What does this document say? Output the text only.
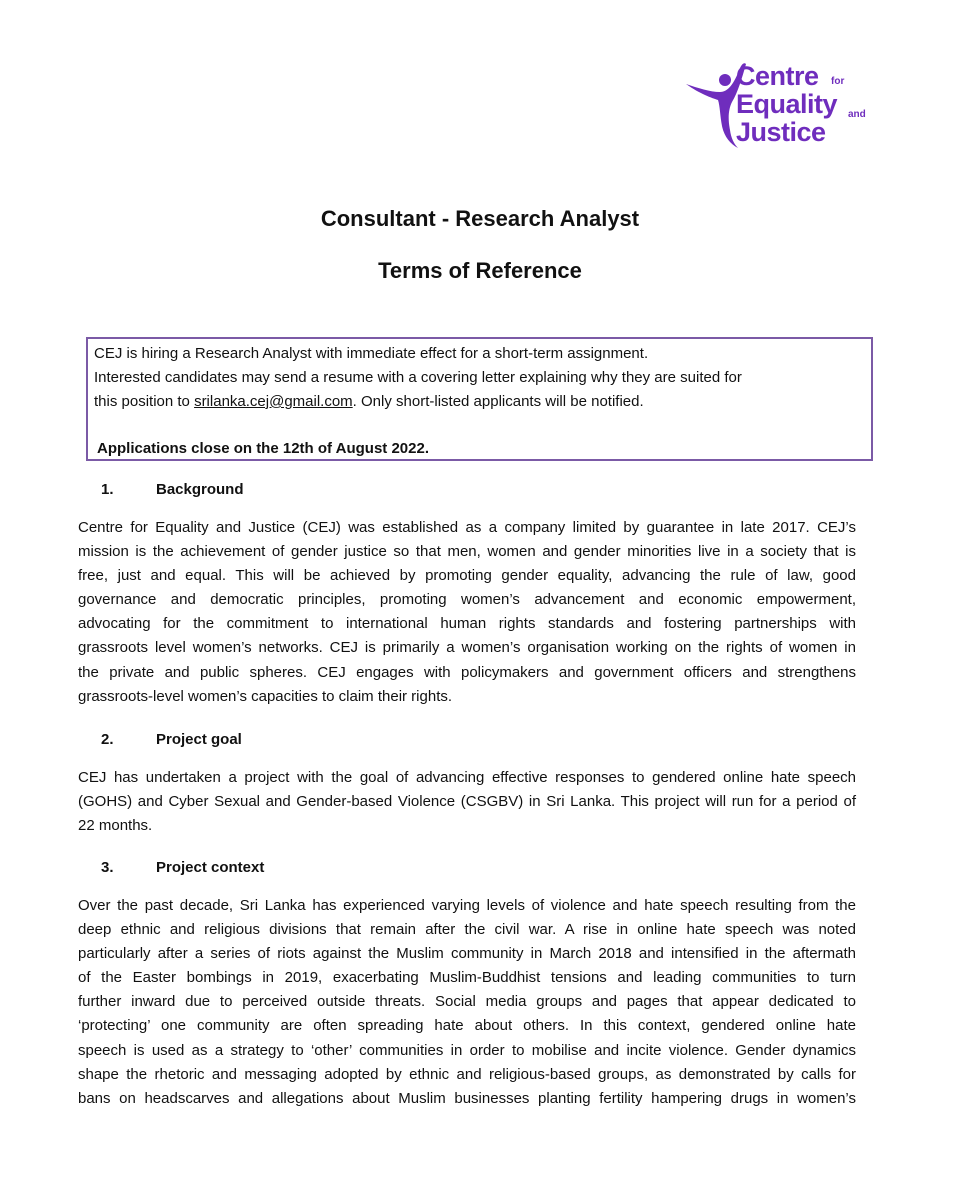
Centre for
Equality and
Justice
Consultant - Research Analyst
Terms of Reference
CEJ is hiring a Research Analyst with immediate effect for a short-term assignment.
Interested candidates may send a resume with a covering letter explaining why they are suited for
this position to srilanka.cej@gmail.com. Only short-listed applicants will be notified.
Applications close on the 12th of August 2022.
1.	Background
Centre for Equality and Justice (CEJ) was established as a company limited by guarantee in late 2017. CEJ’s
mission is the achievement of gender justice so that men, women and gender minorities live in a society that is
free, just and equal. This will be achieved by promoting gender equality, advancing the rule of law, good
governance and democratic principles, promoting women’s advancement and economic empowerment,
advocating for the commitment to international human rights standards and fostering partnerships with
grassroots level women’s networks. CEJ is primarily a women’s organisation working on the rights of women in
the private and public spheres. CEJ engages with policymakers and government officers and strengthens
grassroots-level women’s capacities to claim their rights.
2.	Project goal
CEJ has undertaken a project with the goal of advancing effective responses to gendered online hate speech
(GOHS) and Cyber Sexual and Gender-based Violence (CSGBV) in Sri Lanka. This project will run for a period of
22 months.
3.	Project context
Over the past decade, Sri Lanka has experienced varying levels of violence and hate speech resulting from the
deep ethnic and religious divisions that remain after the civil war. A rise in online hate speech was noted
particularly after a series of riots against the Muslim community in March 2018 and intensified in the aftermath
of the Easter bombings in 2019, exacerbating Muslim-Buddhist tensions and leading communities to turn
further inward due to perceived outside threats. Social media groups and pages that appear dedicated to
‘protecting’ one community are often spreading hate about others. In this context, gendered online hate
speech is used as a strategy to ‘other’ communities in order to mobilise and incite violence. Gender dynamics
shape the rhetoric and messaging adopted by ethnic and religious-based groups, as demonstrated by calls for
bans on headscarves and allegations about Muslim businesses planting fertility hampering drugs in women’s
